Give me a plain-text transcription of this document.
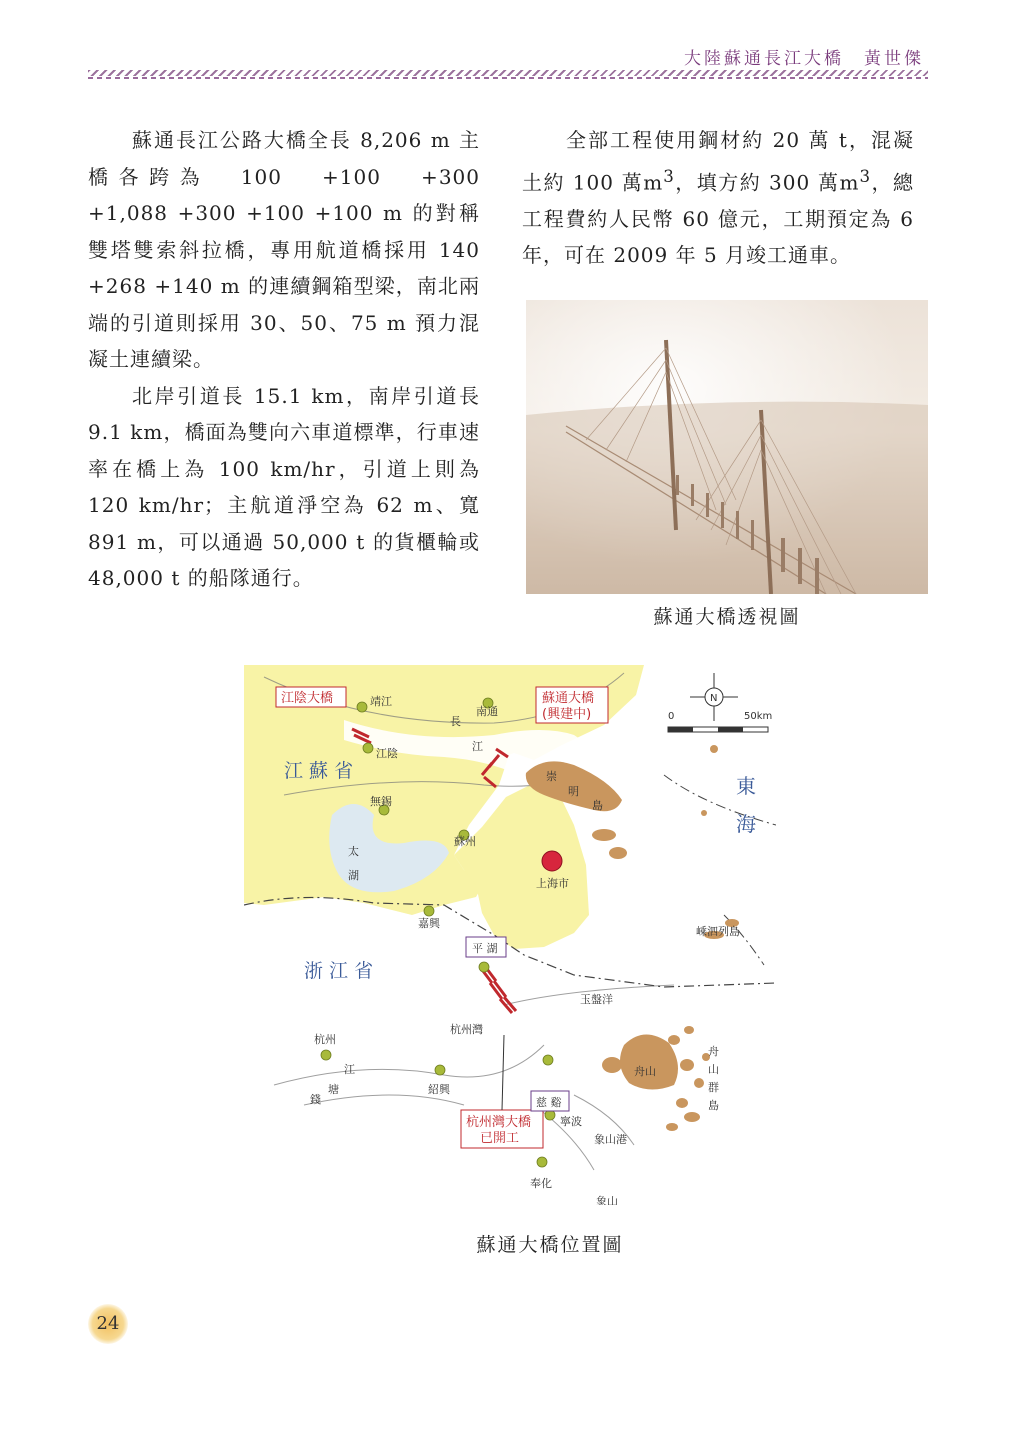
大陸蘇通長江大橋　黃世傑

蘇通長江公路大橋全長 8,206 m 主橋各跨為　100　+100　+300　+1,088 +300 +100 +100 m 的對稱雙塔雙索斜拉橋，專用航道橋採用 140 +268 +140 m 的連續鋼箱型梁，南北兩端的引道則採用 30、50、75 m 預力混凝土連續梁。

北岸引道長 15.1 km，南岸引道長 9.1 km，橋面為雙向六車道標準，行車速率在橋上為 100 km/hr，引道上則為 120 km/hr；主航道淨空為 62 m、寬 891 m，可以通過 50,000 t 的貨櫃輪或 48,000 t 的船隊通行。

全部工程使用鋼材約 20 萬 t，混凝土約 100 萬$m^3$，填方約 300 萬$m^3$，總工程費約人民幣 60 億元，工期預定為 6 年，可在 2009 年 5 月竣工通車。

蘇通大橋透視圖
江陰大橋	蘇通大橋
(興建中)
杭州灣大橋
已開工
江 蘇 省
浙 江 省
東
海
靖江
江陰
南通
無錫
蘇州
上海市
嘉興
杭州
紹興
寧波
奉化
象山
象山港
平 湖
慈 谿
長
江
崇
明
島
太
湖
嵊泗列島
玉盤洋
杭州灣
舟山
舟
山
群
島
錢
塘
江
N
0	50km
蘇通大橋位置圖
24
